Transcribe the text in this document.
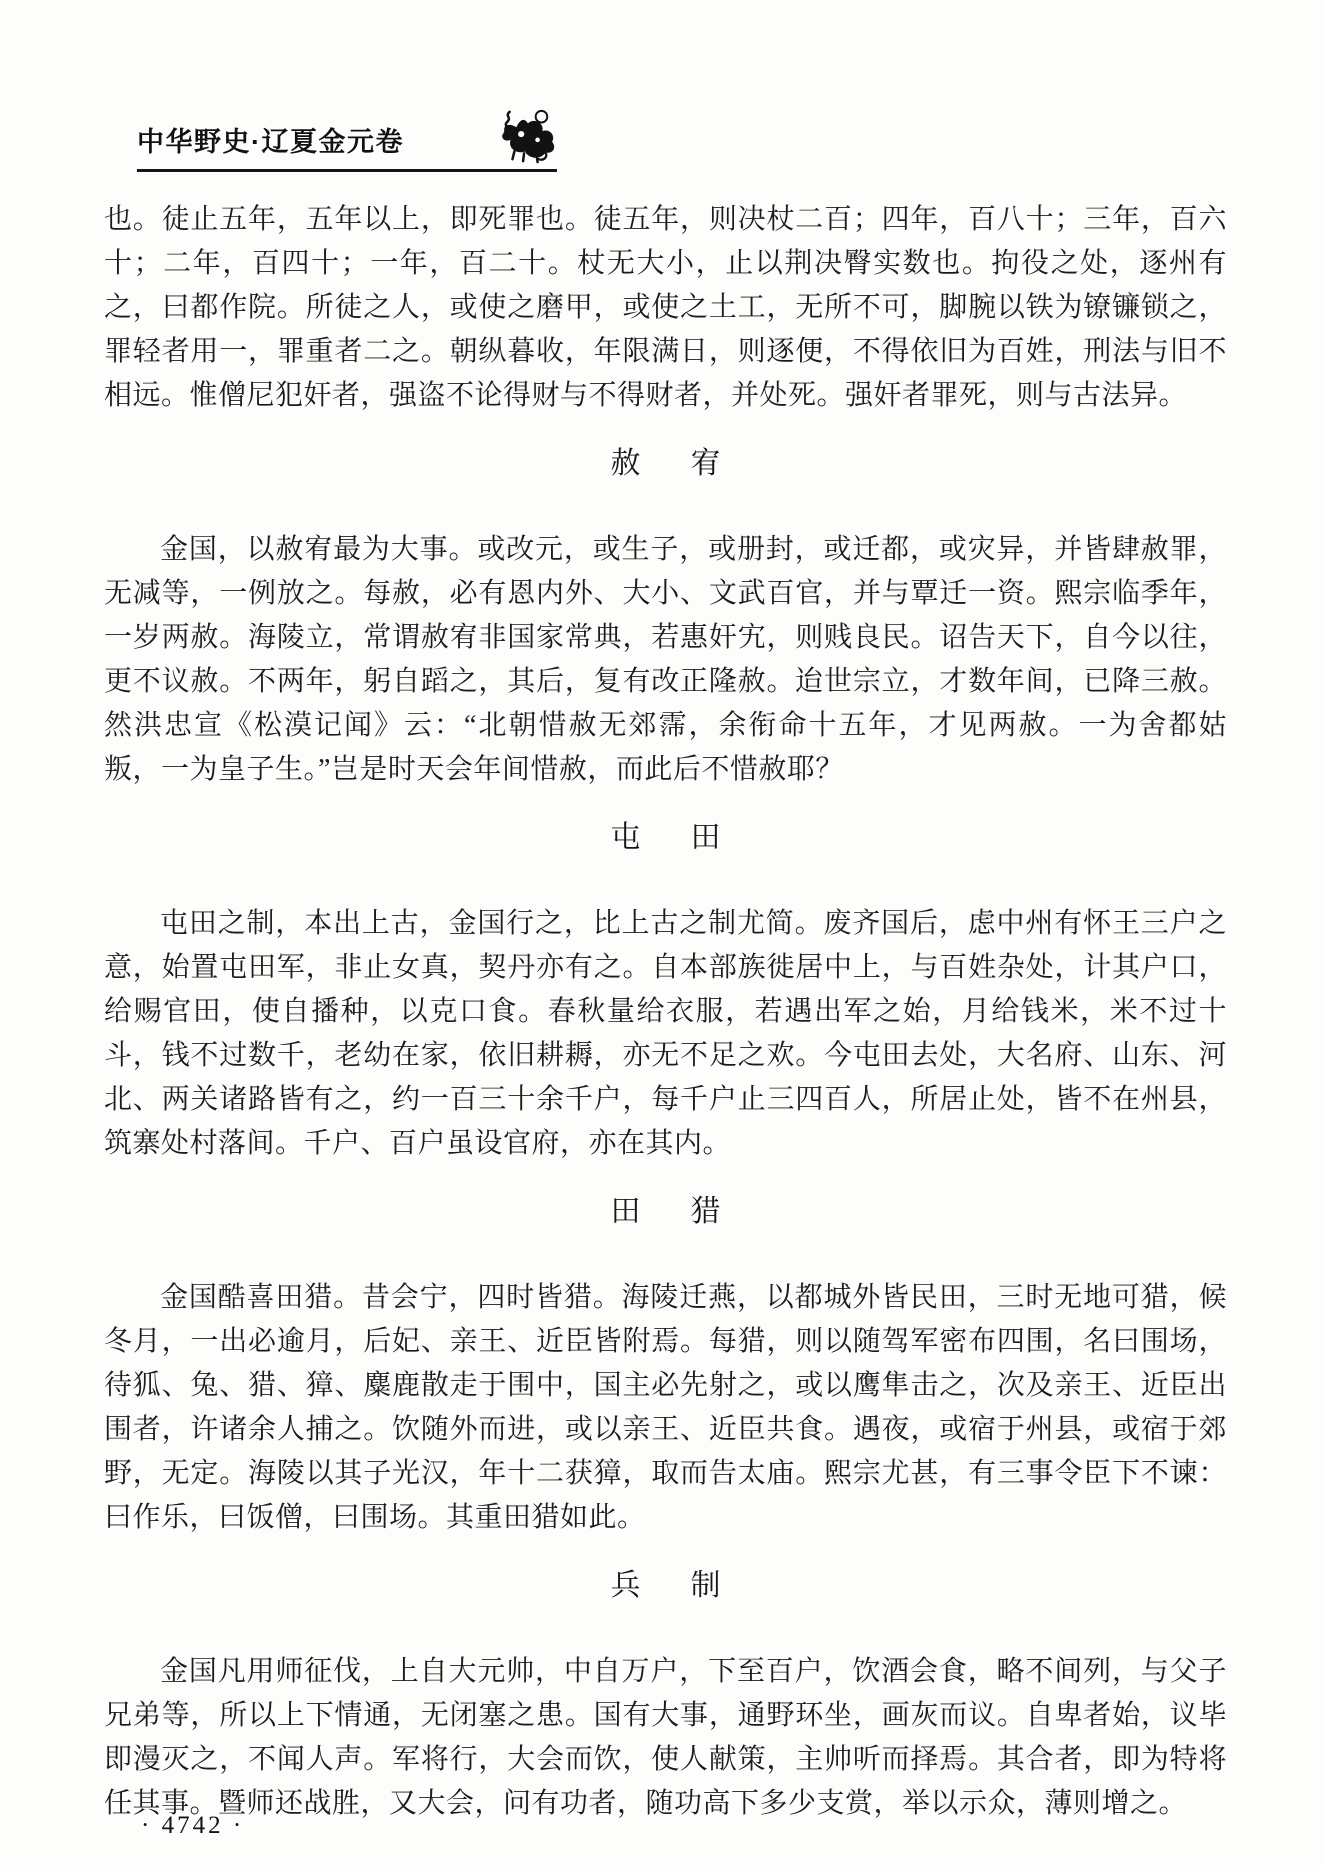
中华野史·辽夏金元卷

也。徒止五年，五年以上，即死罪也。徒五年，则决杖二百；四年，百八十；三年，百六十；二年，百四十；一年，百二十。杖无大小，止以荆决臀实数也。拘役之处，逐州有之，曰都作院。所徒之人，或使之磨甲，或使之土工，无所不可，脚腕以铁为镣镰锁之，罪轻者用一，罪重者二之。朝纵暮收，年限满日，则逐便，不得依旧为百姓，刑法与旧不相远。惟僧尼犯奸者，强盗不论得财与不得财者，并处死。强奸者罪死，则与古法异。

赦　宥

金国，以赦宥最为大事。或改元，或生子，或册封，或迁都，或灾异，并皆肆赦罪，无减等，一例放之。每赦，必有恩内外、大小、文武百官，并与覃迁一资。熙宗临季年，一岁两赦。海陵立，常谓赦宥非国家常典，若惠奸宄，则贱良民。诏告天下，自今以往，更不议赦。不两年，躬自蹈之，其后，复有改正隆赦。迨世宗立，才数年间，已降三赦。然洪忠宣《松漠记闻》云：“北朝惜赦无郊霈，余衔命十五年，才见两赦。一为舍都姑叛，一为皇子生。”岂是时天会年间惜赦，而此后不惜赦耶？

屯　田

屯田之制，本出上古，金国行之，比上古之制尤简。废齐国后，虑中州有怀王三户之意，始置屯田军，非止女真，契丹亦有之。自本部族徙居中上，与百姓杂处，计其户口，给赐官田，使自播种，以克口食。春秋量给衣服，若遇出军之始，月给钱米，米不过十斗，钱不过数千，老幼在家，依旧耕耨，亦无不足之欢。今屯田去处，大名府、山东、河北、两关诸路皆有之，约一百三十余千户，每千户止三四百人，所居止处，皆不在州县，筑寨处村落间。千户、百户虽设官府，亦在其内。

田　猎

金国酷喜田猎。昔会宁，四时皆猎。海陵迁燕，以都城外皆民田，三时无地可猎，候冬月，一出必逾月，后妃、亲王、近臣皆附焉。每猎，则以随驾军密布四围，名曰围场，待狐、兔、猎、獐、麋鹿散走于围中，国主必先射之，或以鹰隼击之，次及亲王、近臣出围者，许诸余人捕之。饮随外而进，或以亲王、近臣共食。遇夜，或宿于州县，或宿于郊野，无定。海陵以其子光汉，年十二获獐，取而告太庙。熙宗尤甚，有三事令臣下不谏：曰作乐，曰饭僧，曰围场。其重田猎如此。

兵　制

金国凡用师征伐，上自大元帅，中自万户，下至百户，饮酒会食，略不间列，与父子兄弟等，所以上下情通，无闭塞之患。国有大事，通野环坐，画灰而议。自卑者始，议毕即漫灭之，不闻人声。军将行，大会而饮，使人献策，主帅听而择焉。其合者，即为特将任其事。暨师还战胜，又大会，问有功者，随功高下多少支赏，举以示众，薄则增之。

· 4742 ·
